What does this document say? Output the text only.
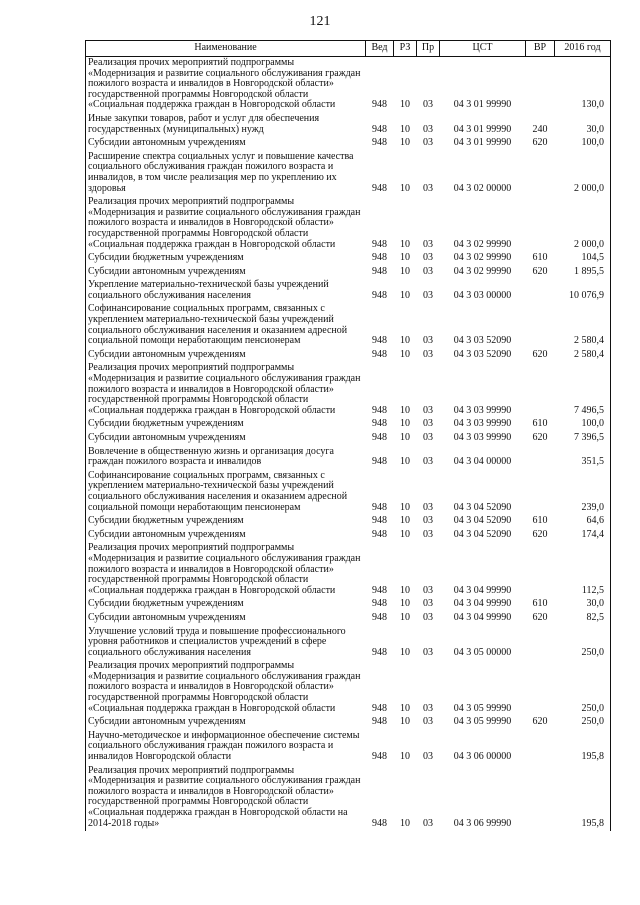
121
Наименование	Вед	РЗ	Пр	ЦСТ	ВР	2016 год
Реализация прочих мероприятий подпрограммы «Модернизация и развитие социального обслуживания граждан пожилого возраста и инвалидов в Новгородской области» государственной программы Новгородской области «Социальная поддержка граждан в Новгородской области	948	10	03	04 3 01 99990		130,0
Иные закупки товаров, работ и услуг для обеспечения государственных (муниципальных) нужд	948	10	03	04 3 01 99990	240	30,0
Субсидии автономным учреждениям	948	10	03	04 3 01 99990	620	100,0
Расширение спектра социальных услуг и повышение качества социального обслуживания граждан пожилого возраста и инвалидов, в том числе реализация мер по укреплению их здоровья	948	10	03	04 3 02 00000		2 000,0
Реализация прочих мероприятий подпрограммы «Модернизация и развитие социального обслуживания граждан пожилого возраста и инвалидов в Новгородской области» государственной программы Новгородской области «Социальная поддержка граждан в Новгородской области	948	10	03	04 3 02 99990		2 000,0
Субсидии бюджетным учреждениям	948	10	03	04 3 02 99990	610	104,5
Субсидии автономным учреждениям	948	10	03	04 3 02 99990	620	1 895,5
Укрепление материально-технической базы учреждений социального обслуживания населения	948	10	03	04 3 03 00000		10 076,9
Софинансирование социальных программ, связанных с укреплением материально-технической базы учреждений социального обслуживания населения и оказанием адресной социальной помощи неработающим пенсионерам	948	10	03	04 3 03 52090		2 580,4
Субсидии автономным учреждениям	948	10	03	04 3 03 52090	620	2 580,4
Реализация прочих мероприятий подпрограммы «Модернизация и развитие социального обслуживания граждан пожилого возраста и инвалидов в Новгородской области» государственной программы Новгородской области «Социальная поддержка граждан в Новгородской области	948	10	03	04 3 03 99990		7 496,5
Субсидии бюджетным учреждениям	948	10	03	04 3 03 99990	610	100,0
Субсидии автономным учреждениям	948	10	03	04 3 03 99990	620	7 396,5
Вовлечение в общественную жизнь и организация досуга граждан пожилого возраста и инвалидов	948	10	03	04 3 04 00000		351,5
Софинансирование социальных программ, связанных с укреплением материально-технической базы учреждений социального обслуживания населения и оказанием адресной социальной помощи неработающим пенсионерам	948	10	03	04 3 04 52090		239,0
Субсидии бюджетным учреждениям	948	10	03	04 3 04 52090	610	64,6
Субсидии автономным учреждениям	948	10	03	04 3 04 52090	620	174,4
Реализация прочих мероприятий подпрограммы «Модернизация и развитие социального обслуживания граждан пожилого возраста и инвалидов в Новгородской области» государственной программы Новгородской области «Социальная поддержка граждан в Новгородской области	948	10	03	04 3 04 99990		112,5
Субсидии бюджетным учреждениям	948	10	03	04 3 04 99990	610	30,0
Субсидии автономным учреждениям	948	10	03	04 3 04 99990	620	82,5
Улучшение условий труда и повышение профессионального уровня работников и специалистов учреждений в сфере социального обслуживания населения	948	10	03	04 3 05 00000		250,0
Реализация прочих мероприятий подпрограммы «Модернизация и развитие социального обслуживания граждан пожилого возраста и инвалидов в Новгородской области» государственной программы Новгородской области «Социальная поддержка граждан в Новгородской области	948	10	03	04 3 05 99990		250,0
Субсидии автономным учреждениям	948	10	03	04 3 05 99990	620	250,0
Научно-методическое и информационное обеспечение системы социального обслуживания граждан пожилого возраста и инвалидов Новгородской области	948	10	03	04 3 06 00000		195,8
Реализация прочих мероприятий подпрограммы «Модернизация и развитие социального обслуживания граждан пожилого возраста и инвалидов в Новгородской области» государственной программы Новгородской области «Социальная поддержка граждан в Новгородской области на 2014-2018 годы»	948	10	03	04 3 06 99990		195,8
